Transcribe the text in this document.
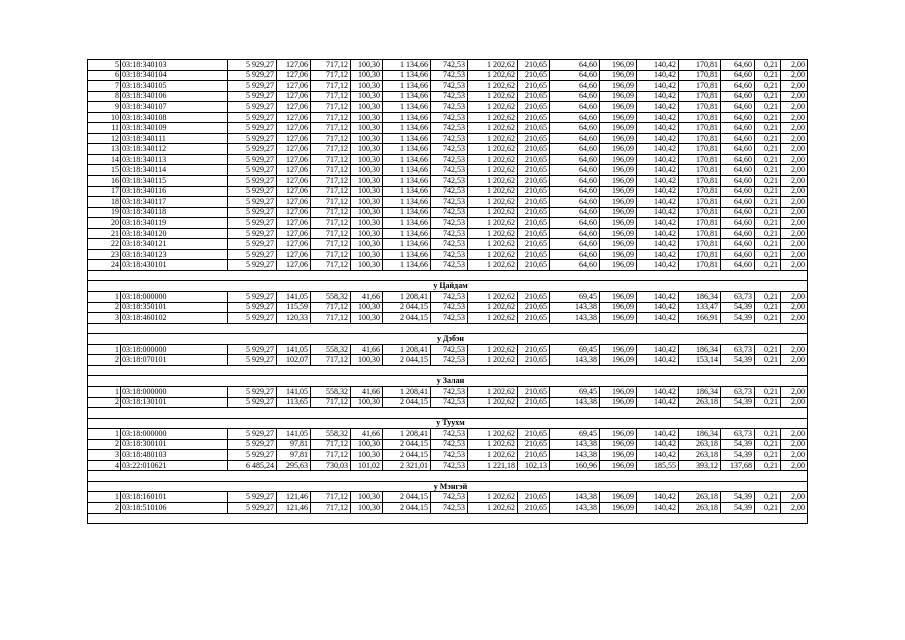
5	03:18:340103	5 929,27	127,06	717,12	100,30	1 134,66	742,53	1 202,62	210,65	64,60	196,09	140,42	170,81	64,60	0,21	2,00
6	03:18:340104	5 929,27	127,06	717,12	100,30	1 134,66	742,53	1 202,62	210,65	64,60	196,09	140,42	170,81	64,60	0,21	2,00
7	03:18:340105	5 929,27	127,06	717,12	100,30	1 134,66	742,53	1 202,62	210,65	64,60	196,09	140,42	170,81	64,60	0,21	2,00
8	03:18:340106	5 929,27	127,06	717,12	100,30	1 134,66	742,53	1 202,62	210,65	64,60	196,09	140,42	170,81	64,60	0,21	2,00
9	03:18:340107	5 929,27	127,06	717,12	100,30	1 134,66	742,53	1 202,62	210,65	64,60	196,09	140,42	170,81	64,60	0,21	2,00
10	03:18:340108	5 929,27	127,06	717,12	100,30	1 134,66	742,53	1 202,62	210,65	64,60	196,09	140,42	170,81	64,60	0,21	2,00
11	03:18:340109	5 929,27	127,06	717,12	100,30	1 134,66	742,53	1 202,62	210,65	64,60	196,09	140,42	170,81	64,60	0,21	2,00
12	03:18:340111	5 929,27	127,06	717,12	100,30	1 134,66	742,53	1 202,62	210,65	64,60	196,09	140,42	170,81	64,60	0,21	2,00
13	03:18:340112	5 929,27	127,06	717,12	100,30	1 134,66	742,53	1 202,62	210,65	64,60	196,09	140,42	170,81	64,60	0,21	2,00
14	03:18:340113	5 929,27	127,06	717,12	100,30	1 134,66	742,53	1 202,62	210,65	64,60	196,09	140,42	170,81	64,60	0,21	2,00
15	03:18:340114	5 929,27	127,06	717,12	100,30	1 134,66	742,53	1 202,62	210,65	64,60	196,09	140,42	170,81	64,60	0,21	2,00
16	03:18:340115	5 929,27	127,06	717,12	100,30	1 134,66	742,53	1 202,62	210,65	64,60	196,09	140,42	170,81	64,60	0,21	2,00
17	03:18:340116	5 929,27	127,06	717,12	100,30	1 134,66	742,53	1 202,62	210,65	64,60	196,09	140,42	170,81	64,60	0,21	2,00
18	03:18:340117	5 929,27	127,06	717,12	100,30	1 134,66	742,53	1 202,62	210,65	64,60	196,09	140,42	170,81	64,60	0,21	2,00
19	03:18:340118	5 929,27	127,06	717,12	100,30	1 134,66	742,53	1 202,62	210,65	64,60	196,09	140,42	170,81	64,60	0,21	2,00
20	03:18:340119	5 929,27	127,06	717,12	100,30	1 134,66	742,53	1 202,62	210,65	64,60	196,09	140,42	170,81	64,60	0,21	2,00
21	03:18:340120	5 929,27	127,06	717,12	100,30	1 134,66	742,53	1 202,62	210,65	64,60	196,09	140,42	170,81	64,60	0,21	2,00
22	03:18:340121	5 929,27	127,06	717,12	100,30	1 134,66	742,53	1 202,62	210,65	64,60	196,09	140,42	170,81	64,60	0,21	2,00
23	03:18:340123	5 929,27	127,06	717,12	100,30	1 134,66	742,53	1 202,62	210,65	64,60	196,09	140,42	170,81	64,60	0,21	2,00
24	03:18:430101	5 929,27	127,06	717,12	100,30	1 134,66	742,53	1 202,62	210,65	64,60	196,09	140,42	170,81	64,60	0,21	2,00

	у Цайдам															
1	03:18:000000	5 929,27	141,05	558,32	41,66	1 208,41	742,53	1 202,62	210,65	69,45	196,09	140,42	186,34	63,73	0,21	2,00
2	03:18:350101	5 929,27	115,59	717,12	100,30	2 044,15	742,53	1 202,62	210,65	143,38	196,09	140,42	133,47	54,39	0,21	2,00
3	03:18:460102	5 929,27	120,33	717,12	100,30	2 044,15	742,53	1 202,62	210,65	143,38	196,09	140,42	166,91	54,39	0,21	2,00

	у Дэбэн															
1	03:18:000000	5 929,27	141,05	558,32	41,66	1 208,41	742,53	1 202,62	210,65	69,45	196,09	140,42	186,34	63,73	0,21	2,00
2	03:18:070101	5 929,27	102,07	717,12	100,30	2 044,15	742,53	1 202,62	210,65	143,38	196,09	140,42	153,14	54,39	0,21	2,00

	у Залан															
1	03:18:000000	5 929,27	141,05	558,32	41,66	1 208,41	742,53	1 202,62	210,65	69,45	196,09	140,42	186,34	63,73	0,21	2,00
2	03:18:130101	5 929,27	113,65	717,12	100,30	2 044,15	742,53	1 202,62	210,65	143,38	196,09	140,42	263,18	54,39	0,21	2,00

	у Туухм															
1	03:18:000000	5 929,27	141,05	558,32	41,66	1 208,41	742,53	1 202,62	210,65	69,45	196,09	140,42	186,34	63,73	0,21	2,00
2	03:18:300101	5 929,27	97,81	717,12	100,30	2 044,15	742,53	1 202,62	210,65	143,38	196,09	140,42	263,18	54,39	0,21	2,00
3	03:18:480103	5 929,27	97,81	717,12	100,30	2 044,15	742,53	1 202,62	210,65	143,38	196,09	140,42	263,18	54,39	0,21	2,00
4	03:22:010621	6 485,24	295,63	730,03	101,02	2 321,01	742,53	1 221,18	102,13	160,96	196,09	185,55	393,12	137,68	0,21	2,00

	у Мэнгэй															
1	03:18:160101	5 929,27	121,46	717,12	100,30	2 044,15	742,53	1 202,62	210,65	143,38	196,09	140,42	263,18	54,39	0,21	2,00
2	03:18:510106	5 929,27	121,46	717,12	100,30	2 044,15	742,53	1 202,62	210,65	143,38	196,09	140,42	263,18	54,39	0,21	2,00
